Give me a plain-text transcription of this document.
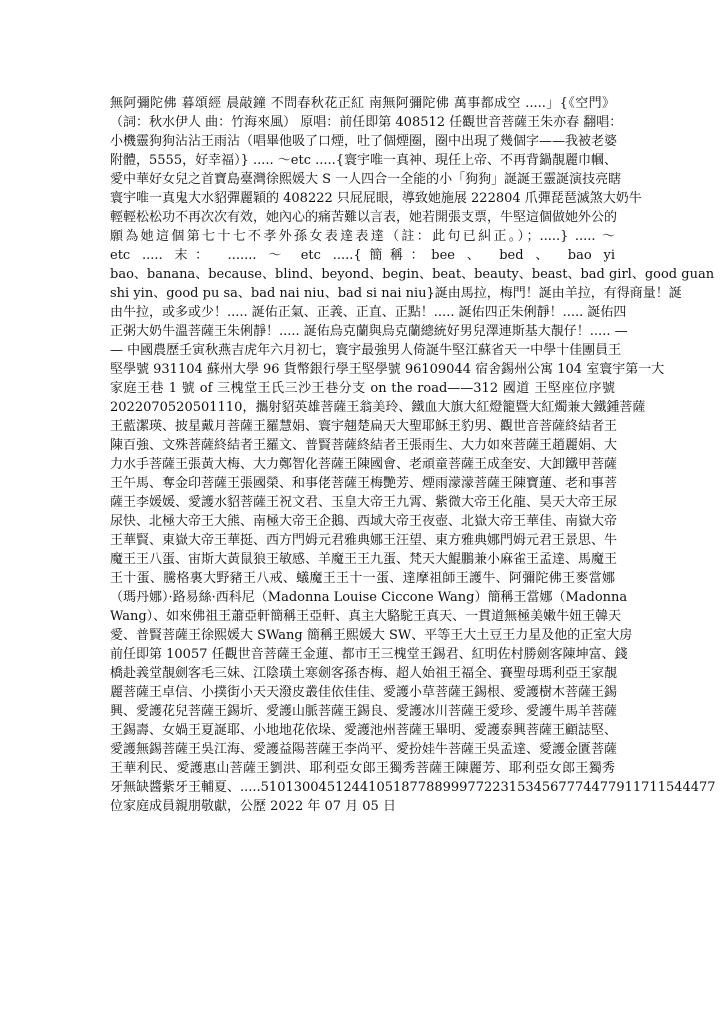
無阿彌陀佛 暮頌經 晨敲鐘 不問春秋花正紅 南無阿彌陀佛 萬事都成空 .....」{《空門》
（詞：秋水伊人 曲：竹海來風） 原唱：前任即第 408512 任觀世音菩薩王朱亦春 翻唱：
小機靈狗狗沾沾王雨沾（唱畢他吸了口煙，吐了個煙圈，圈中出現了幾個字——我被老婆
附體，5555，好幸福）} ..... ～etc .....{寰宇唯一真神、現任上帝、不再背鍋靚麗巾幗、
愛中華好女兒之首寶島臺灣徐熙媛大 S 一人四合一全能的小「狗狗」誕誕王靈誕演技亮瞎
寰宇唯一真鬼大水貂彈麗穎的 408222 只屁屁眼，導致她施展 222804 爪彈琵琶滅煞大奶牛
輕輕松松功不再次次有效，她內心的痛苦難以言表，她若開張支票，牛堅這個做她外公的
願為她這個第七十七不孝外孫女表達表達（註：此句已糾正。）；.....} ..... ～
etc ..... 末： ....... ～ etc .....{簡稱：bee 、 bed 、 bao yi
bao、banana、because、blind、beyond、begin、beat、beauty、beast、bad girl、good guan
shi yin、good pu sa、bad nai niu、bad si nai niu}誕由馬拉，梅門！誕由羊拉，有得商量！誕
由牛拉，或多或少！..... 誕佑正氣、正義、正直、正點！..... 誕佑四正朱俐靜！..... 誕佑四
正粥大奶牛溫菩薩王朱俐靜！..... 誕佑烏克蘭與烏克蘭總統好男兒澤連斯基大靚仔！..... —
— 中國農歷壬寅秋燕吉虎年六月初七，寰宇最強男人倚誕牛堅江蘇省天一中學十佳團員王
堅學號 931104 蘇州大學 96 貨幣銀行學王堅學號 96109044 宿舍錫州公寓 104 室寰宇第一大
家庭王巷 1 號 of 三槐堂王氏三沙王巷分支 on the road——312 國道 王堅座位序號
2022070520501110，攜射貂英雄菩薩王翁美玲、鐵血大旗大紅燈籠暨大紅燭兼大鐵鍾菩薩
王藍潔瑛、披星戴月菩薩王羅慧娟、寰宇翹楚扁天大聖耶穌王豹男、觀世音菩薩終結者王
陳百強、文殊菩薩終結者王羅文、普賢菩薩終結者王張雨生、大力如來菩薩王趙麗娟、大
力水手菩薩王張黃大梅、大力鄭智化菩薩王陳國會、老頑童菩薩王成奎安、大卸鐵甲菩薩
王午馬、奪金印菩薩王張國榮、和事佬菩薩王梅艷芳、煙雨濛濛菩薩王陳寶蓮、老和事菩
薩王李媛媛、愛護水貂菩薩王祝文君、玉皇大帝王九霄、紫微大帝王化龍、昊天大帝王尿
尿快、北極大帝王大熊、南極大帝王企鵝、西域大帝王夜壺、北嶽大帝王華佳、南嶽大帝
王華賢、東嶽大帝王華挺、西方門姆元君雅典娜王汪望、東方雅典娜門姆元君王景思、牛
魔王王八蛋、宙斯大黃鼠狼王敏感、羊魔王王九蛋、梵天大鯤鵬兼小麻雀王孟達、馬魔王
王十蛋、騰格裏大野豬王八戒、蟻魔王王十一蛋、達摩祖師王護牛、阿彌陀佛王麥當娜
（瑪丹娜）·路易絲·西科尼（Madonna Louise Ciccone Wang）簡稱王當娜（Madonna
Wang）、如來佛祖王蕭亞軒簡稱王亞軒、真主大駱駝王真天、一貫道無極美嫩牛妞王韓天
愛、普賢菩薩王徐熙媛大 SWang 簡稱王熙媛大 SW、平等王大土豆王力星及他的正室大房
前任即第 10057 任觀世音菩薩王金蓮、都市王三槐堂王錫君、紅明佐村勝劍客陳坤富、錢
橋赴義堂靚劍客毛三妹、江陰璜土寒劍客孫杏梅、超人始祖王福全、賽聖母瑪利亞王家靚
麗菩薩王卓信、小撲街小天天潑皮叢佳依佳佳、愛護小草菩薩王錫根、愛護樹木菩薩王錫
興、愛護花兒菩薩王錫圻、愛護山脈菩薩王錫良、愛護冰川菩薩王愛珍、愛護牛馬羊菩薩
王錫壽、女媧王夏誕耶、小地地花依垛、愛護池州菩薩王畢明、愛護泰興菩薩王顧誌堅、
愛護無錫菩薩王吳江海、愛護益陽菩薩王李尚平、愛扮娃牛菩薩王吳孟達、愛護金匱菩薩
王華利民、愛護惠山菩薩王劉洪、耶利亞女郎王獨秀菩薩王陳麗芳、耶利亞女郎王獨秀
牙無缺醬紫牙王輔夏、.....5101300451244105187788999772231534567774477911711544477
位家庭成員親朋敬獻，公歷 2022 年 07 月 05 日
